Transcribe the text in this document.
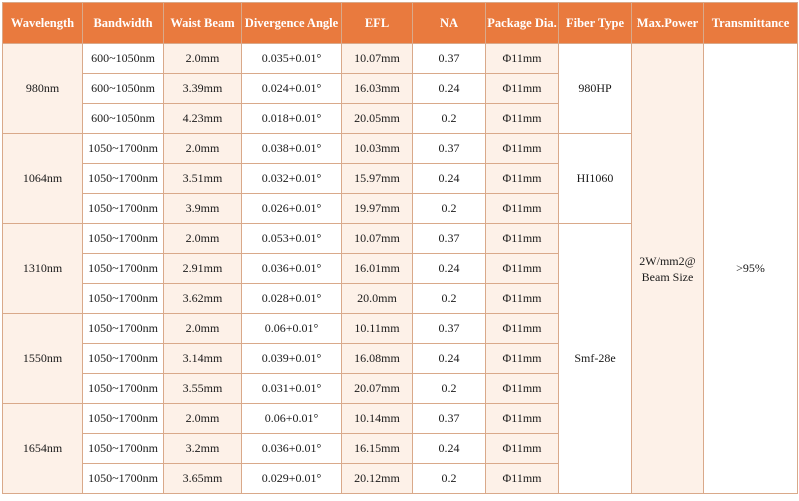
Wavelength	Bandwidth	Waist Beam	Divergence Angle	EFL	NA	Package Dia.	Fiber Type	Max.Power	Transmittance
980nm	600~1050nm	2.0mm	0.035+0.01°	10.07mm	0.37	Φ11mm	980HP	2W/mm2@ Beam Size	>95%
	600~1050nm	3.39mm	0.024+0.01°	16.03mm	0.24	Φ11mm			
	600~1050nm	4.23mm	0.018+0.01°	20.05mm	0.2	Φ11mm			
1064nm	1050~1700nm	2.0mm	0.038+0.01°	10.03mm	0.37	Φ11mm	HI1060		
	1050~1700nm	3.51mm	0.032+0.01°	15.97mm	0.24	Φ11mm			
	1050~1700nm	3.9mm	0.026+0.01°	19.97mm	0.2	Φ11mm			
1310nm	1050~1700nm	2.0mm	0.053+0.01°	10.07mm	0.37	Φ11mm	Smf-28e		
	1050~1700nm	2.91mm	0.036+0.01°	16.01mm	0.24	Φ11mm			
	1050~1700nm	3.62mm	0.028+0.01°	20.0mm	0.2	Φ11mm			
1550nm	1050~1700nm	2.0mm	0.06+0.01°	10.11mm	0.37	Φ11mm			
	1050~1700nm	3.14mm	0.039+0.01°	16.08mm	0.24	Φ11mm			
	1050~1700nm	3.55mm	0.031+0.01°	20.07mm	0.2	Φ11mm			
1654nm	1050~1700nm	2.0mm	0.06+0.01°	10.14mm	0.37	Φ11mm			
	1050~1700nm	3.2mm	0.036+0.01°	16.15mm	0.24	Φ11mm			
	1050~1700nm	3.65mm	0.029+0.01°	20.12mm	0.2	Φ11mm			
